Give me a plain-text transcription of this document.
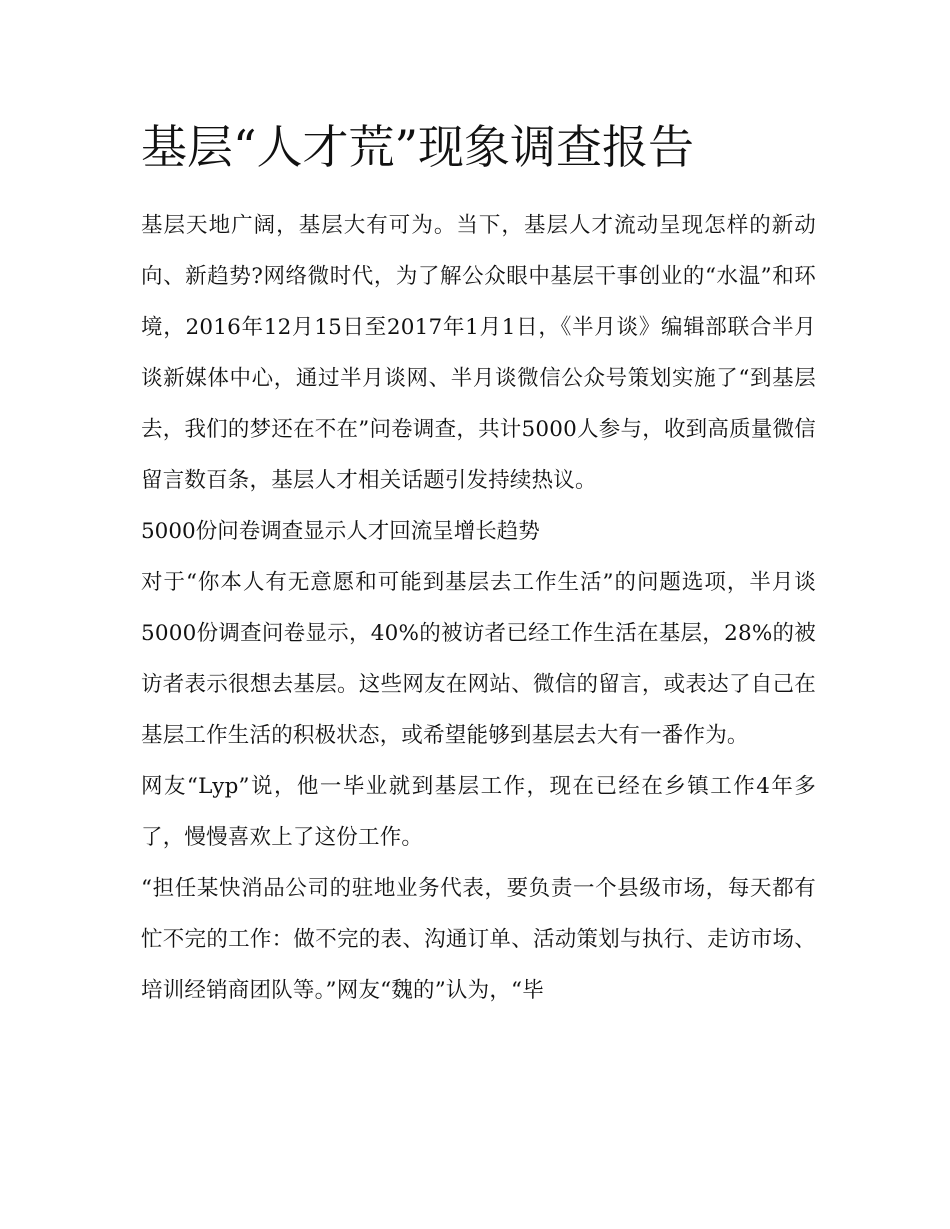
基层“人才荒”现象调查报告

基层天地广阔，基层大有可为。当下，基层人才流动呈现怎样的新动向、新趋势?网络微时代，为了解公众眼中基层干事创业的“水温”和环境，2016年12月15日至2017年1月1日，《半月谈》编辑部联合半月谈新媒体中心，通过半月谈网、半月谈微信公众号策划实施了“到基层去，我们的梦还在不在”问卷调查，共计5000人参与，收到高质量微信留言数百条，基层人才相关话题引发持续热议。

5000份问卷调查显示人才回流呈增长趋势

对于“你本人有无意愿和可能到基层去工作生活”的问题选项，半月谈5000份调查问卷显示，40%的被访者已经工作生活在基层，28%的被访者表示很想去基层。这些网友在网站、微信的留言，或表达了自己在基层工作生活的积极状态，或希望能够到基层去大有一番作为。

网友“Lyp”说，他一毕业就到基层工作，现在已经在乡镇工作4年多了，慢慢喜欢上了这份工作。

“担任某快消品公司的驻地业务代表，要负责一个县级市场，每天都有忙不完的工作：做不完的表、沟通订单、活动策划与执行、走访市场、培训经销商团队等。”网友“魏的”认为，“毕
